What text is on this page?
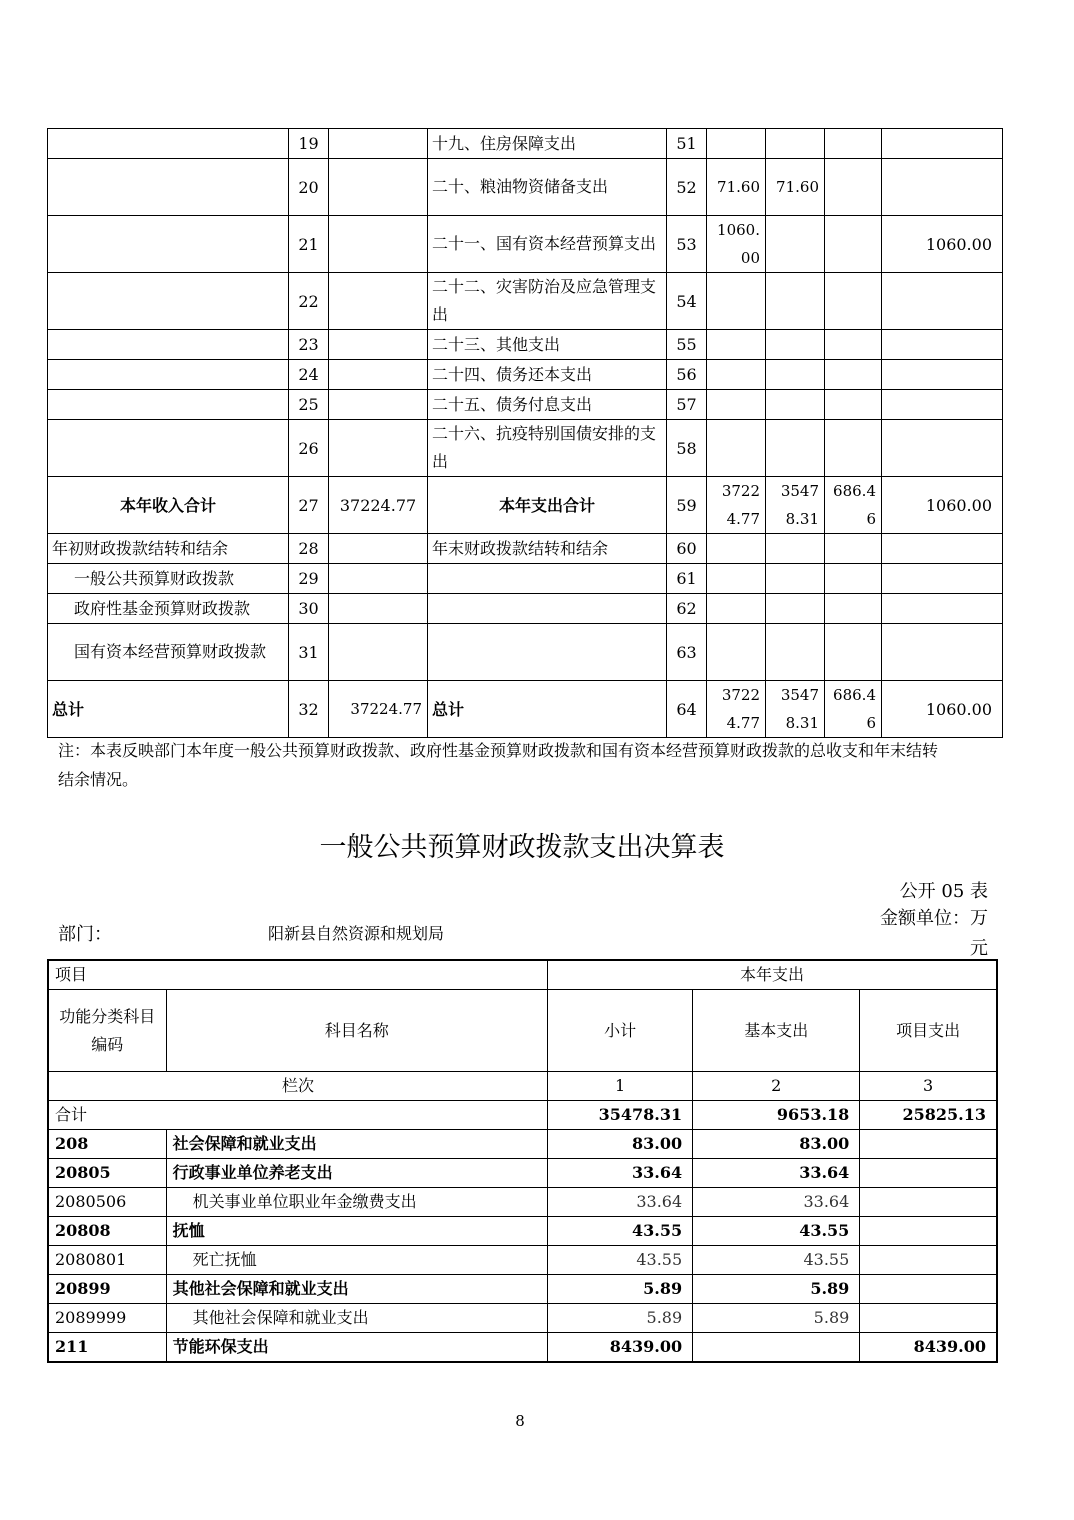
	19		十九、住房保障支出	51				
	20		二十、粮油物资储备支出	52	71.60	71.60		
	21		二十一、国有资本经营预算支出	53	1060.00			1060.00
	22		二十二、灾害防治及应急管理支出	54				
	23		二十三、其他支出	55				
	24		二十四、债务还本支出	56				
	25		二十五、债务付息支出	57				
	26		二十六、抗疫特别国债安排的支出	58				
本年收入合计	27	37224.77	本年支出合计	59	37224.77	35478.31	686.46	1060.00
年初财政拨款结转和结余	28		年末财政拨款结转和结余	60				
一般公共预算财政拨款	29			61				
政府性基金预算财政拨款	30			62				
国有资本经营预算财政拨款	31			63				
总计	32	37224.77	总计	64	37224.77	35478.31	686.46	1060.00
注：本表反映部门本年度一般公共预算财政拨款、政府性基金预算财政拨款和国有资本经营预算财政拨款的总收支和年末结转结余情况。
一般公共预算财政拨款支出决算表
公开 05 表
金额单位：万元
部门：	阳新县自然资源和规划局
项目		本年支出		
功能分类科目编码	科目名称	小计	基本支出	项目支出
栏次		1	2	3
合计		35478.31	9653.18	25825.13
208	社会保障和就业支出	83.00	83.00	
20805	行政事业单位养老支出	33.64	33.64	
2080506	机关事业单位职业年金缴费支出	33.64	33.64	
20808	抚恤	43.55	43.55	
2080801	死亡抚恤	43.55	43.55	
20899	其他社会保障和就业支出	5.89	5.89	
2089999	其他社会保障和就业支出	5.89	5.89	
211	节能环保支出	8439.00		8439.00
8
